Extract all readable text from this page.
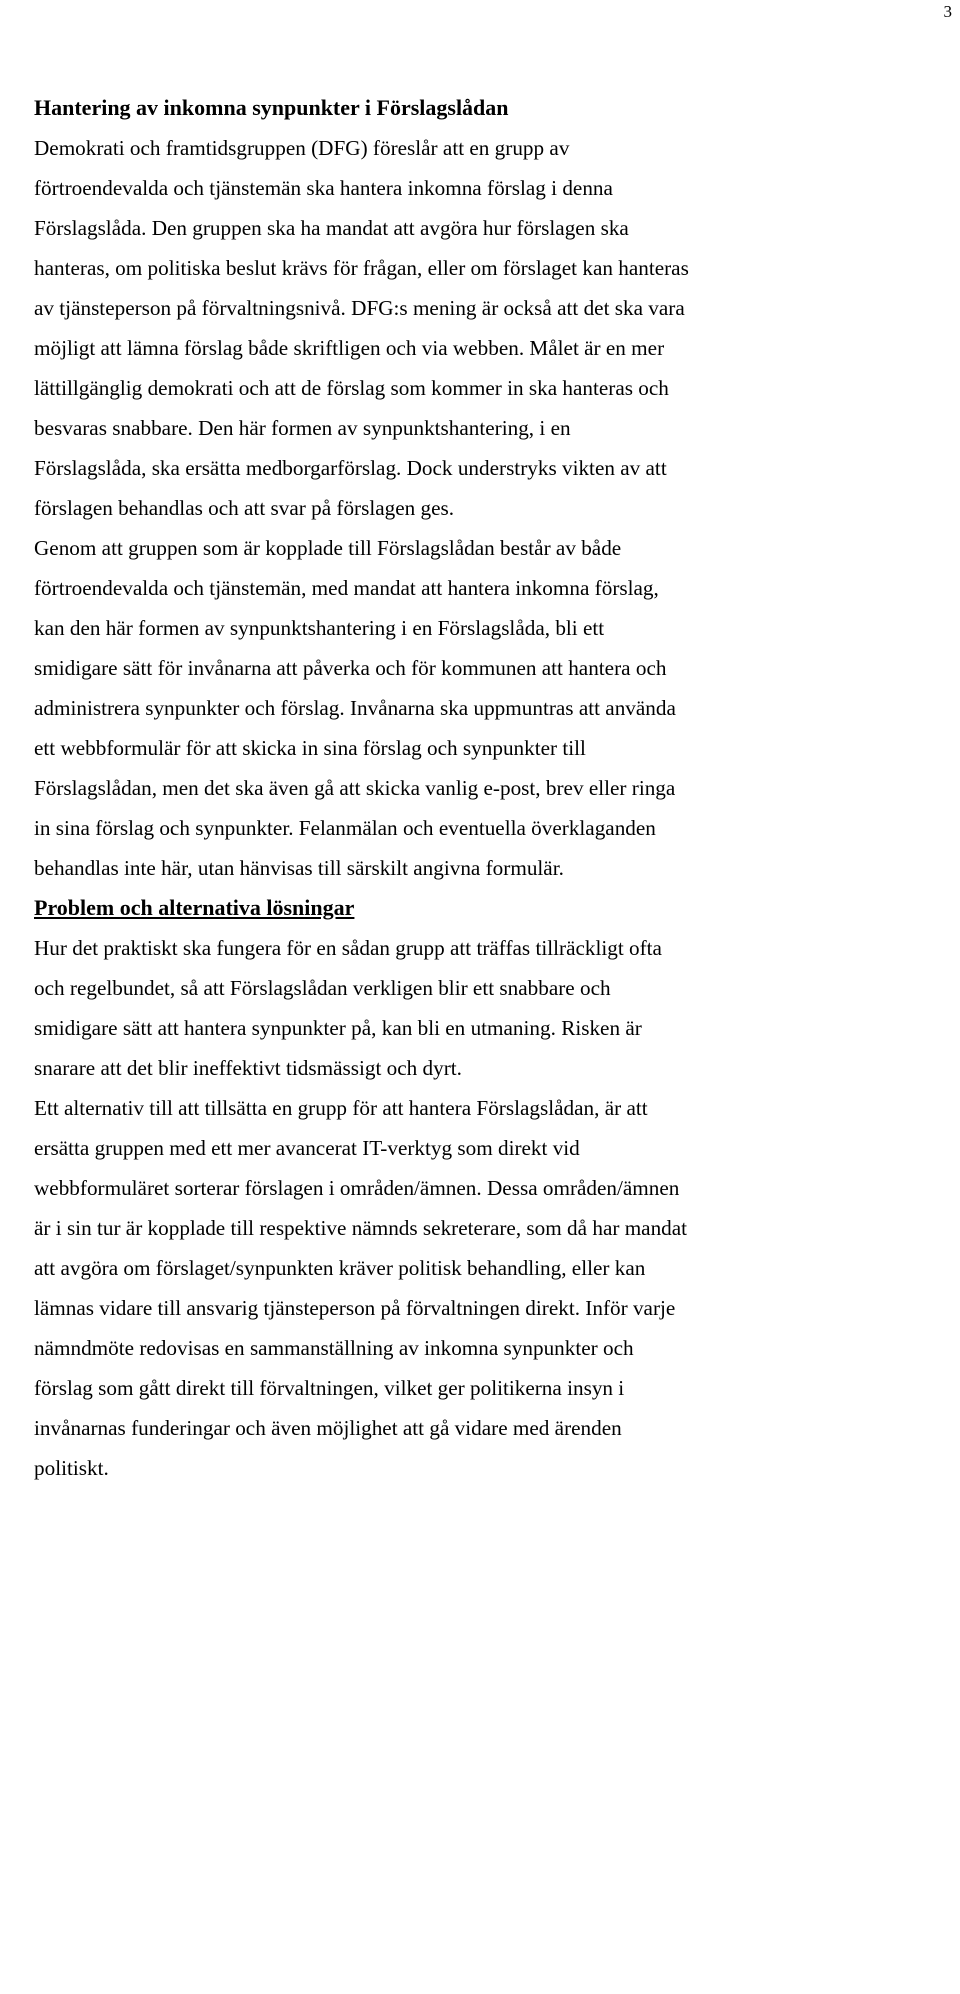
3
Hantering av inkomna synpunkter i Förslagslådan
Demokrati och framtidsgruppen (DFG) föreslår att en grupp av
förtroendevalda och tjänstemän ska hantera inkomna förslag i denna
Förslagslåda. Den gruppen ska ha mandat att avgöra hur förslagen ska
hanteras, om politiska beslut krävs för frågan, eller om förslaget kan hanteras
av tjänsteperson på förvaltningsnivå. DFG:s mening är också att det ska vara
möjligt att lämna förslag både skriftligen och via webben. Målet är en mer
lättillgänglig demokrati och att de förslag som kommer in ska hanteras och
besvaras snabbare. Den här formen av synpunktshantering, i en
Förslagslåda, ska ersätta medborgarförslag. Dock understryks vikten av att
förslagen behandlas och att svar på förslagen ges.
Genom att gruppen som är kopplade till Förslagslådan består av både
förtroendevalda och tjänstemän, med mandat att hantera inkomna förslag,
kan den här formen av synpunktshantering i en Förslagslåda, bli ett
smidigare sätt för invånarna att påverka och för kommunen att hantera och
administrera synpunkter och förslag. Invånarna ska uppmuntras att använda
ett webbformulär för att skicka in sina förslag och synpunkter till
Förslagslådan, men det ska även gå att skicka vanlig e-post, brev eller ringa
in sina förslag och synpunkter. Felanmälan och eventuella överklaganden
behandlas inte här, utan hänvisas till särskilt angivna formulär.
Problem och alternativa lösningar
Hur det praktiskt ska fungera för en sådan grupp att träffas tillräckligt ofta
och regelbundet, så att Förslagslådan verkligen blir ett snabbare och
smidigare sätt att hantera synpunkter på, kan bli en utmaning. Risken är
snarare att det blir ineffektivt tidsmässigt och dyrt.
Ett alternativ till att tillsätta en grupp för att hantera Förslagslådan, är att
ersätta gruppen med ett mer avancerat IT-verktyg som direkt vid
webbformuläret sorterar förslagen i områden/ämnen. Dessa områden/ämnen
är i sin tur är kopplade till respektive nämnds sekreterare, som då har mandat
att avgöra om förslaget/synpunkten kräver politisk behandling, eller kan
lämnas vidare till ansvarig tjänsteperson på förvaltningen direkt. Inför varje
nämndmöte redovisas en sammanställning av inkomna synpunkter och
förslag som gått direkt till förvaltningen, vilket ger politikerna insyn i
invånarnas funderingar och även möjlighet att gå vidare med ärenden
politiskt.
